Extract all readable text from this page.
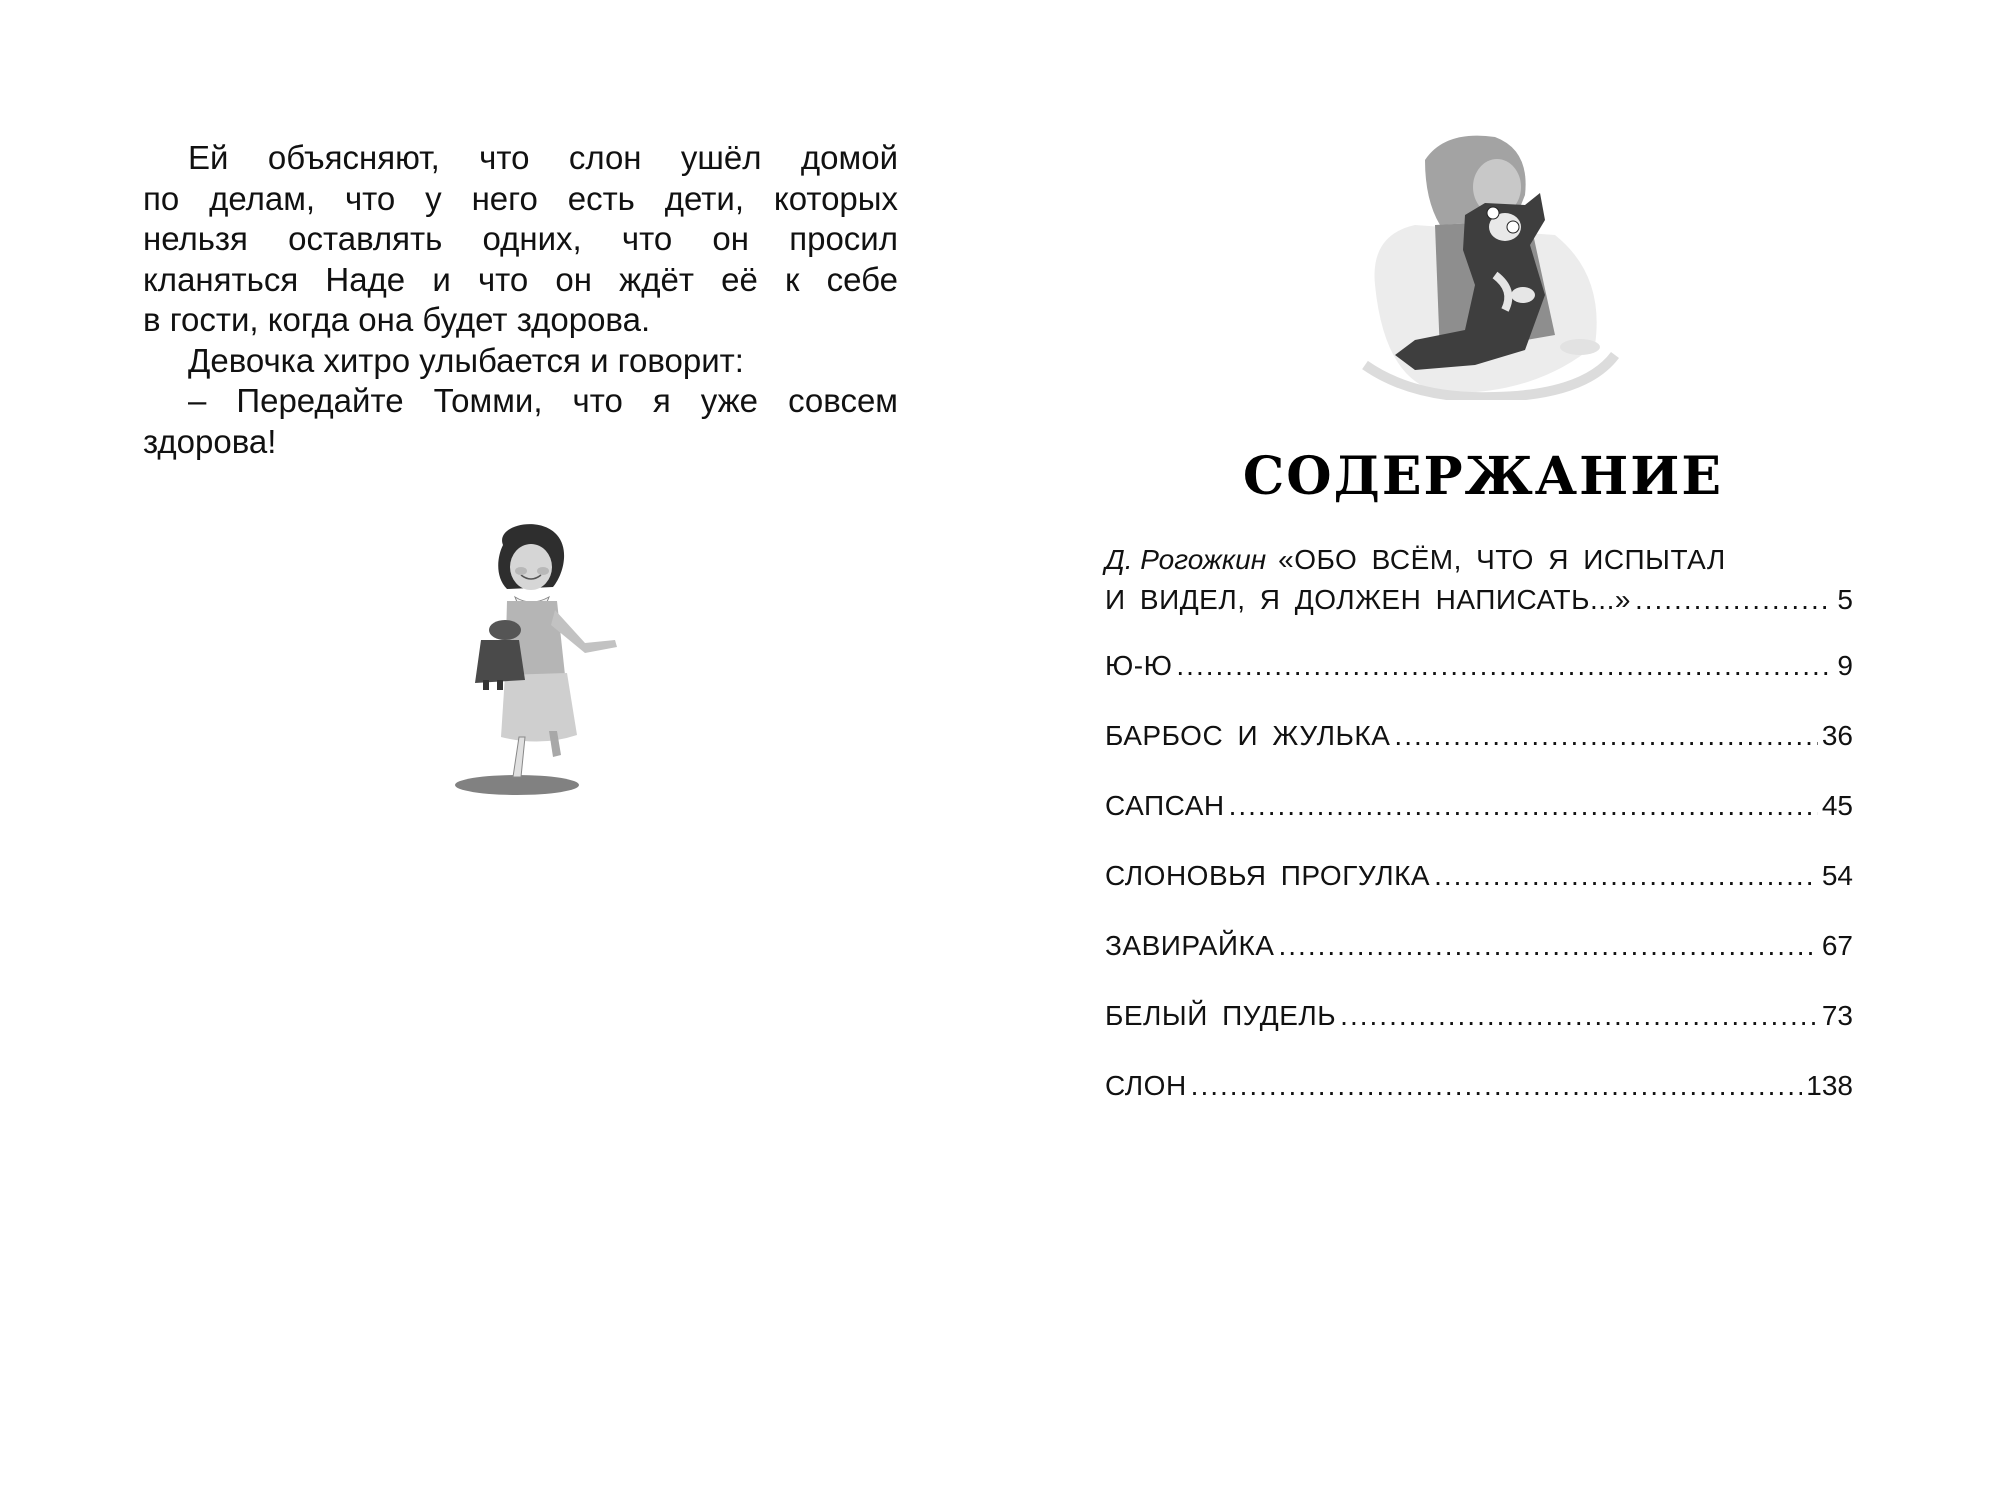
Ей объясняют, что слон ушёл домой
по делам, что у него есть дети, которых
нельзя оставлять одних, что он просил
кланяться Наде и что он ждёт её к себе
в гости, когда она будет здорова.
Девочка хитро улыбается и говорит:
– Передайте Томми, что я уже совсем
здорова!
СОДЕРЖАНИЕ
Д. Рогожкин «ОБО ВСЁМ, ЧТО Я ИСПЫТАЛ
И ВИДЕЛ, Я ДОЛЖЕН НАПИСАТЬ...» .....	5
Ю-Ю .....	9
БАРБОС И ЖУЛЬКА .....	36
САПСАН .....	45
СЛОНОВЬЯ ПРОГУЛКА .....	54
ЗАВИРАЙКА .....	67
БЕЛЫЙ ПУДЕЛЬ .....	73
СЛОН .....	138
